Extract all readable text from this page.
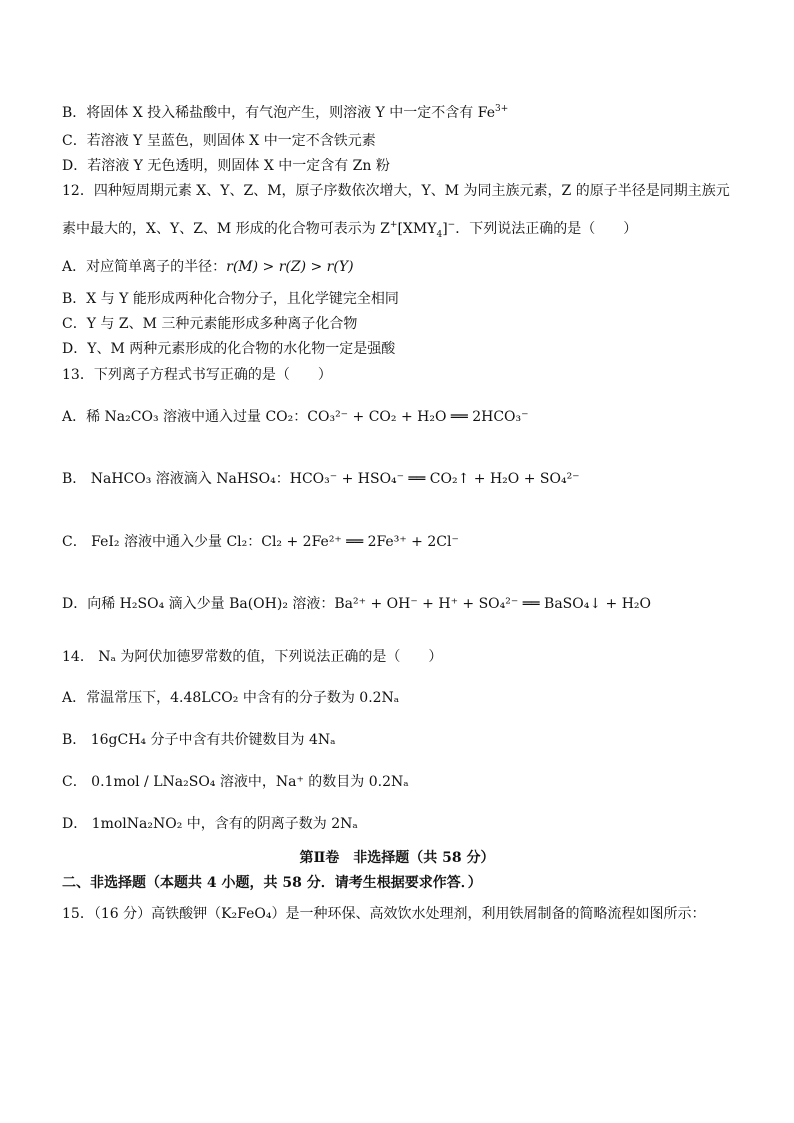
B．将固体 X 投入稀盐酸中，有气泡产生，则溶液 Y 中一定不含有 $Fe^{3+}$
C．若溶液 Y 呈蓝色，则固体 X 中一定不含铁元素
D．若溶液 Y 无色透明，则固体 X 中一定含有 Zn 粉
12．四种短周期元素 X、Y、Z、M，原子序数依次增大，Y、M 为同主族元素，Z 的原子半径是同期主族元
素中最大的，X、Y、Z、M 形成的化合物可表示为 $Z^+[XMY_4]^-$．下列说法正确的是（　　）
A．对应简单离子的半径：r(M) > r(Z) > r(Y)
B．X 与 Y 能形成两种化合物分子，且化学键完全相同
C．Y 与 Z、M 三种元素能形成多种离子化合物
D．Y、M 两种元素形成的化合物的水化物一定是强酸
13．下列离子方程式书写正确的是（　　）
A．稀 Na₂CO₃ 溶液中通入过量 CO₂：CO₃²⁻ + CO₂ + H₂O ══ 2HCO₃⁻
B． NaHCO₃ 溶液滴入 NaHSO₄：HCO₃⁻ + HSO₄⁻ ══ CO₂↑ + H₂O + SO₄²⁻
C． FeI₂ 溶液中通入少量 Cl₂：Cl₂ + 2Fe²⁺ ══ 2Fe³⁺ + 2Cl⁻
D．向稀 H₂SO₄ 滴入少量 Ba(OH)₂ 溶液：Ba²⁺ + OH⁻ + H⁺ + SO₄²⁻ ══ BaSO₄↓ + H₂O
14． Nₐ 为阿伏加德罗常数的值，下列说法正确的是（　　）
A．常温常压下，4.48LCO₂ 中含有的分子数为 0.2Nₐ
B． 16gCH₄ 分子中含有共价键数目为 4Nₐ
C． 0.1mol / LNa₂SO₄ 溶液中，Na⁺ 的数目为 0.2Nₐ
D． 1molNa₂NO₂ 中，含有的阴离子数为 2Nₐ
第Ⅱ卷　非选择题（共 58 分）
二、非选择题（本题共 4 小题，共 58 分．请考生根据要求作答．）
15．（16 分）高铁酸钾（K₂FeO₄）是一种环保、高效饮水处理剂，利用铁屑制备的简略流程如图所示：
